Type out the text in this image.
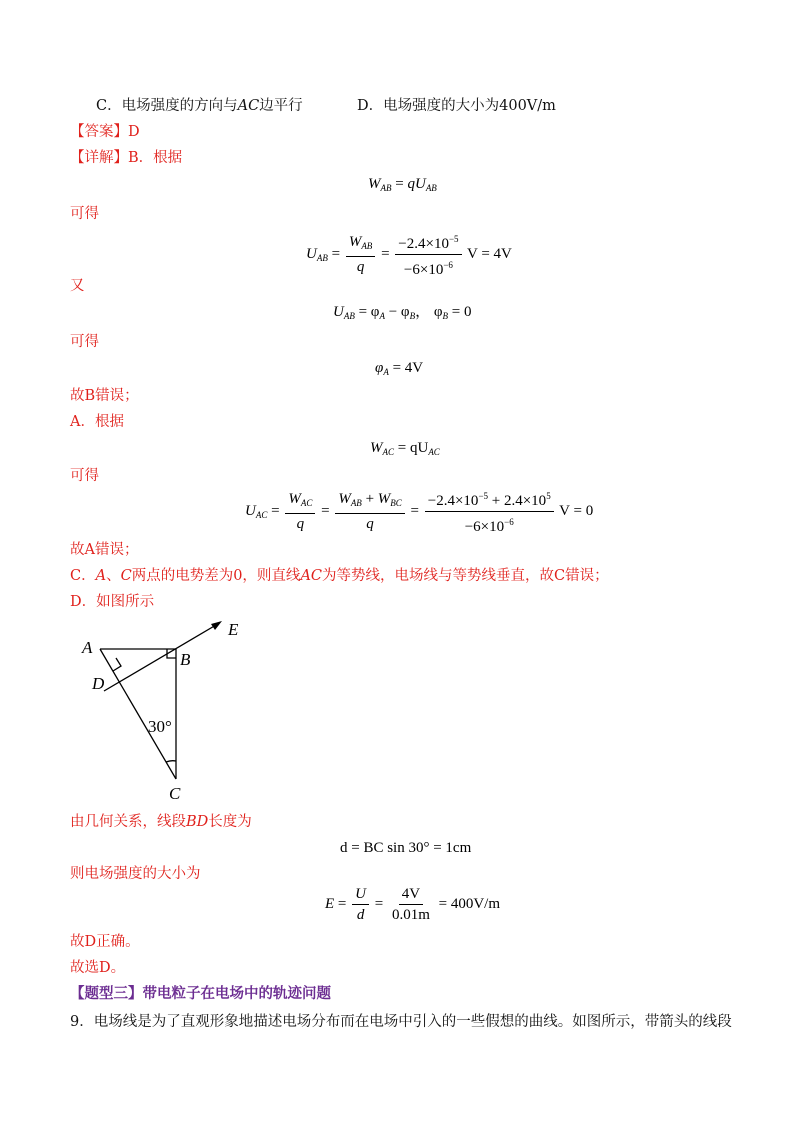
C．电场强度的方向与AC边平行	D．电场强度的大小为400V/m
【答案】D
【详解】B．根据
$W_{AB} = qU_{AB}$
可得
$U_{AB} = \frac{W_{AB}}{q} = \frac{-2.4\times 10^{-5}}{-6\times 10^{-6}}$ V = 4V
又
$U_{AB} = \varphi_A - \varphi_B$， $\varphi_B = 0$
可得
$\varphi_A = 4V$
故B错误；
A．根据
$W_{AC} = qU_{AC}$
可得
$U_{AC} = \frac{W_{AC}}{q} = \frac{W_{AB} + W_{BC}}{q} = \frac{-2.4\times 10^{-5} + 2.4\times 10^5}{-6\times 10^{-6}}$ V = 0
故A错误；
C．A、C两点的电势差为0，则直线AC为等势线，电场线与等势线垂直，故C错误；
D．如图所示
A
B
C
D
E
30°
由几何关系，线段BD长度为
d = BC sin 30° = 1cm
则电场强度的大小为
$E = \frac{U}{d} = \frac{4V}{0.01m} = 400V/m$
故D正确。
故选D。
【题型三】带电粒子在电场中的轨迹问题
9．电场线是为了直观形象地描述电场分布而在电场中引入的一些假想的曲线。如图所示，带箭头的线段
